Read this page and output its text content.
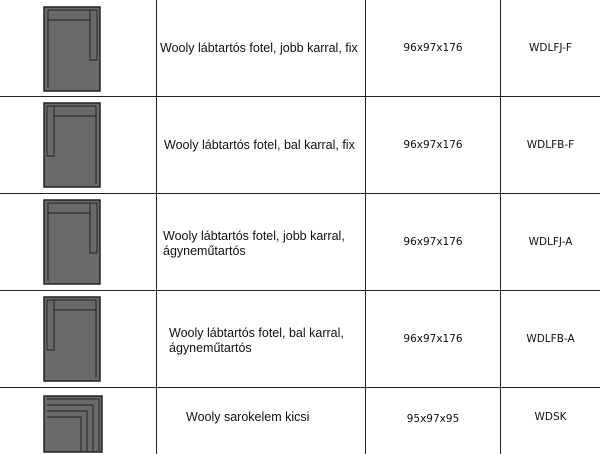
Wooly lábtartós fotel, jobb karral, fix	96x97x176	WDLFJ-F
Wooly lábtartós fotel, bal karral, fix	96x97x176	WDLFB-F
Wooly lábtartós fotel, jobb karral,
ágyneműtartós
96x97x176	WDLFJ-A
Wooly lábtartós fotel, bal karral,
ágyneműtartós
96x97x176	WDLFB-A
Wooly sarokelem kicsi	95x97x95	WDSK
